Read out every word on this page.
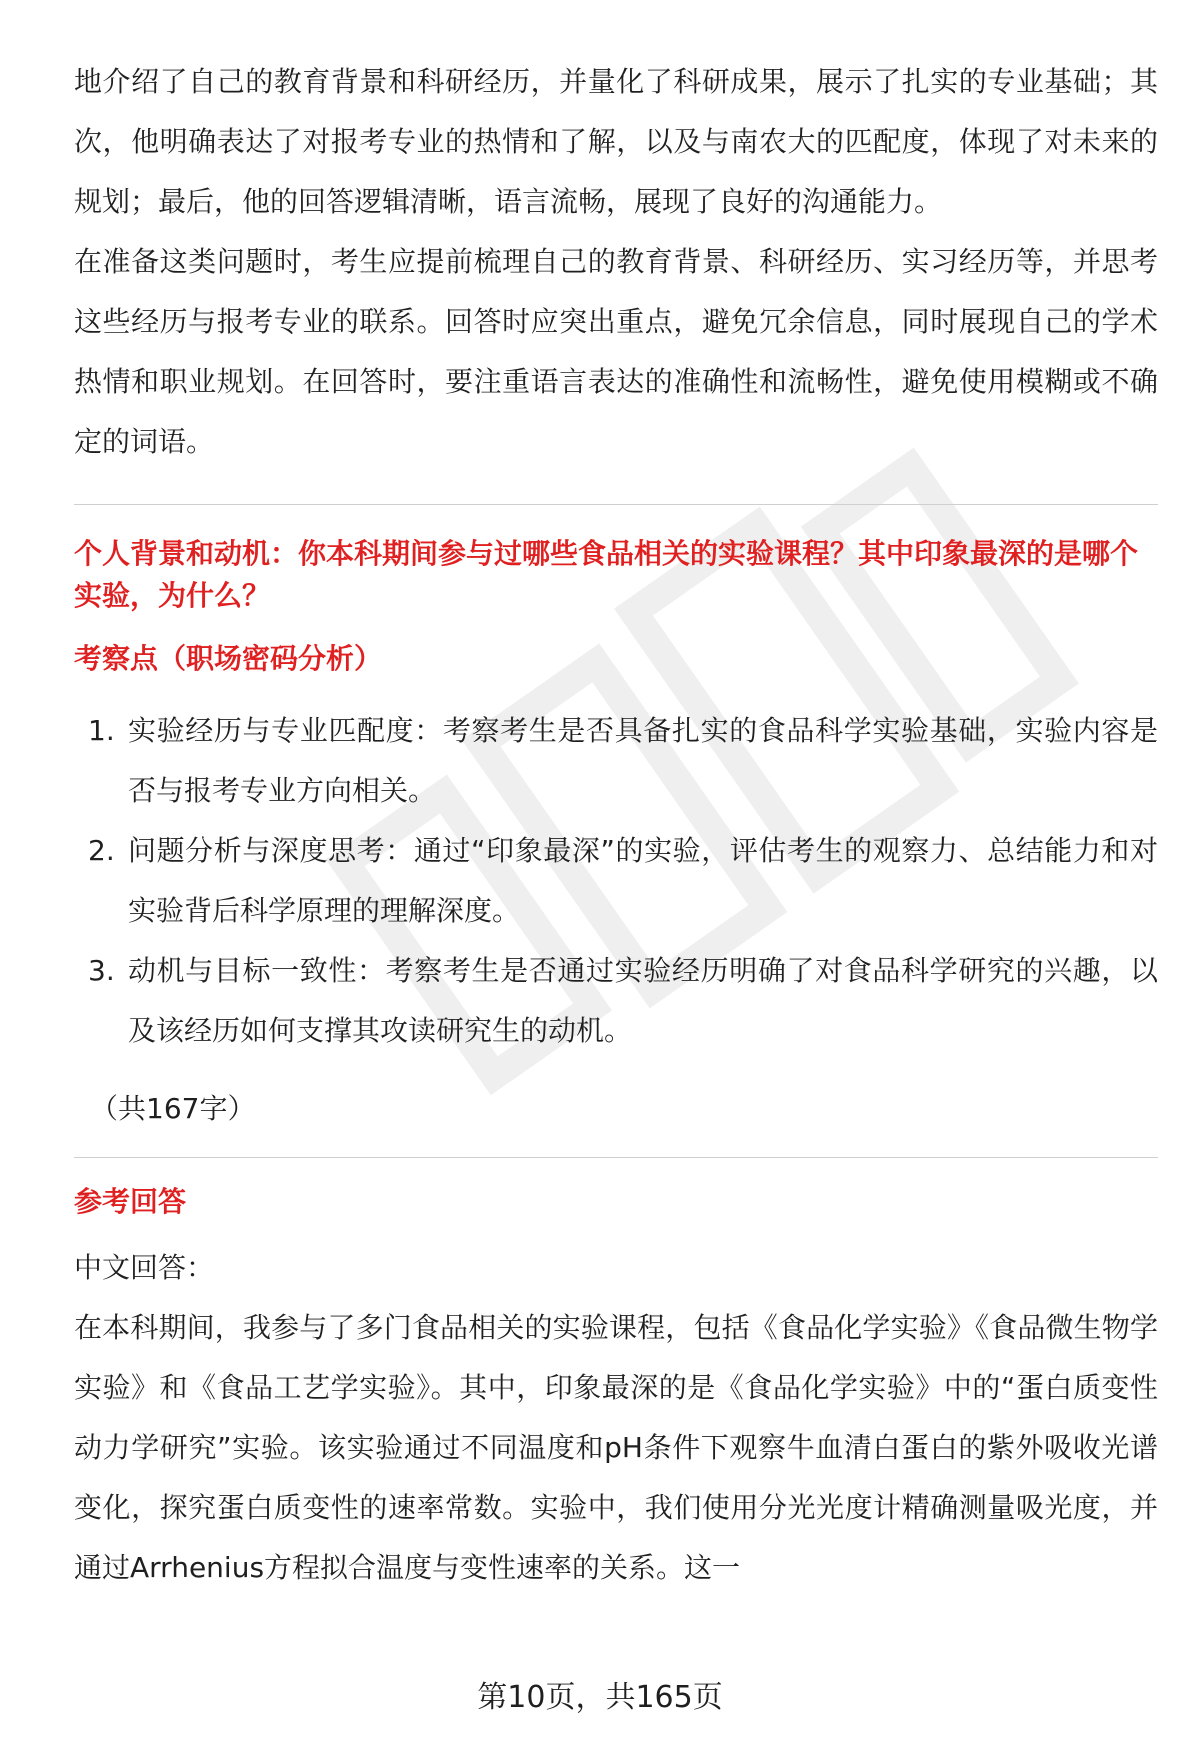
地介绍了自己的教育背景和科研经历，并量化了科研成果，展示了扎实的专业基础；其次，他明确表达了对报考专业的热情和了解，以及与南农大的匹配度，体现了对未来的规划；最后，他的回答逻辑清晰，语言流畅，展现了良好的沟通能力。

在准备这类问题时，考生应提前梳理自己的教育背景、科研经历、实习经历等，并思考这些经历与报考专业的联系。回答时应突出重点，避免冗余信息，同时展现自己的学术热情和职业规划。在回答时，要注重语言表达的准确性和流畅性，避免使用模糊或不确定的词语。

个人背景和动机：你本科期间参与过哪些食品相关的实验课程？其中印象最深的是哪个实验，为什么？

考察点（职场密码分析）

1. 实验经历与专业匹配度：考察考生是否具备扎实的食品科学实验基础，实验内容是否与报考专业方向相关。
2. 问题分析与深度思考：通过“印象最深”的实验，评估考生的观察力、总结能力和对实验背后科学原理的理解深度。
3. 动机与目标一致性：考察考生是否通过实验经历明确了对食品科学研究的兴趣，以及该经历如何支撑其攻读研究生的动机。

（共167字）

参考回答

中文回答：

在本科期间，我参与了多门食品相关的实验课程，包括《食品化学实验》《食品微生物学实验》和《食品工艺学实验》。其中，印象最深的是《食品化学实验》中的“蛋白质变性动力学研究”实验。该实验通过不同温度和pH条件下观察牛血清白蛋白的紫外吸收光谱变化，探究蛋白质变性的速率常数。实验中，我们使用分光光度计精确测量吸光度，并通过Arrhenius方程拟合温度与变性速率的关系。这一

第10页，共165页
